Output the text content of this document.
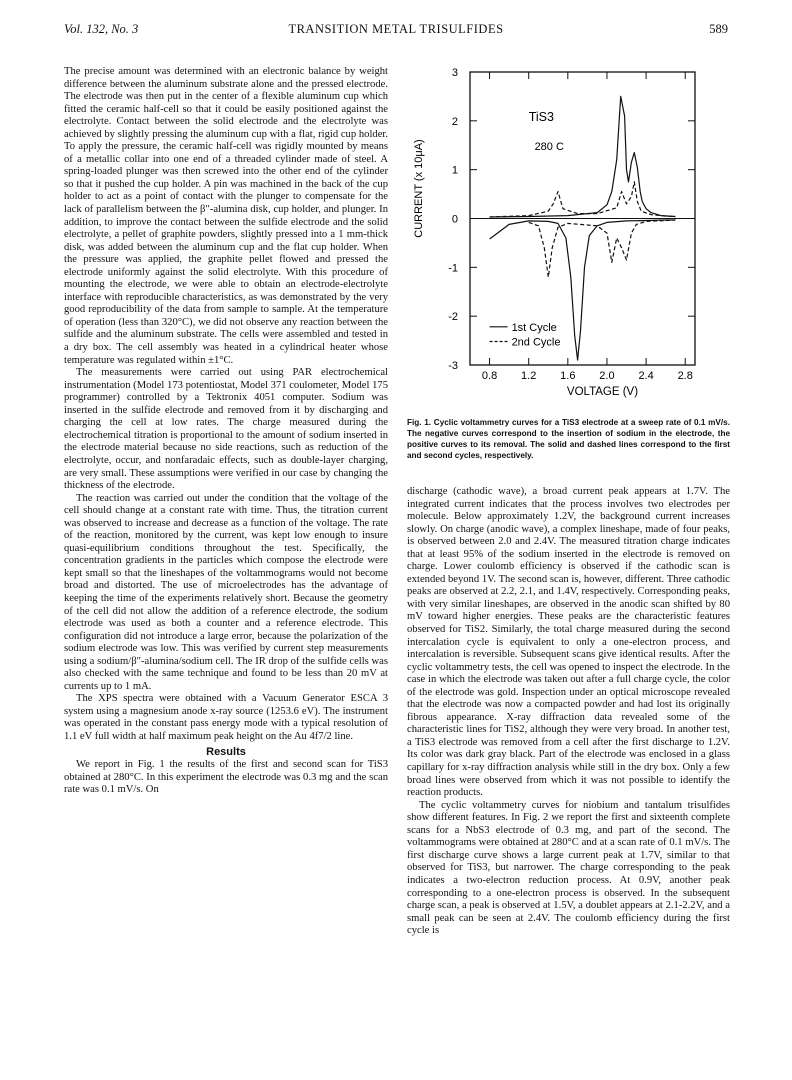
Vol. 132, No. 3	TRANSITION METAL TRISULFIDES	589

The precise amount was determined with an electronic balance by weight difference between the aluminum substrate alone and the pressed electrode. The electrode was then put in the center of a flexible aluminum cup which fitted the ceramic half-cell so that it could be easily positioned against the electrolyte. Contact between the solid electrode and the electrolyte was achieved by slightly pressing the aluminum cup with a flat, rigid cup holder. To apply the pressure, the ceramic half-cell was rigidly mounted by means of a metallic collar into one end of a threaded cylinder made of steel. A spring-loaded plunger was then screwed into the other end of the cylinder so that it pushed the cup holder. A pin was machined in the back of the cup holder to act as a point of contact with the plunger to compensate for the lack of parallelism between the β″-alumina disk, cup holder, and plunger. In addition, to improve the contact between the sulfide electrode and the solid electrolyte, a pellet of graphite powders, slightly pressed into a 1 mm-thick disk, was added between the aluminum cup and the flat cup holder. When the pressure was applied, the graphite pellet flowed and pressed the electrode uniformly against the solid electrolyte. With this procedure of mounting the electrode, we were able to obtain an electrode-electrolyte interface with reproducible characteristics, as was demonstrated by the very good reproducibility of the data from sample to sample. At the temperature of operation (less than 320°C), we did not observe any reaction between the sulfide and the aluminum substrate. The cells were assembled and tested in a dry box. The cell assembly was heated in a cylindrical heater whose temperature was regulated within ±1°C.

The measurements were carried out using PAR electrochemical instrumentation (Model 173 potentiostat, Model 371 coulometer, Model 175 programmer) controlled by a Tektronix 4051 computer. Sodium was inserted in the sulfide electrode and removed from it by discharging and charging the cell at low rates. The charge measured during the electrochemical titration is proportional to the amount of sodium inserted in the electrode material because no side reactions, such as reduction of the electrolyte, occur, and nonfaradaic effects, such as double-layer charging, are very small. These assumptions were verified in our case by changing the thickness of the electrode.

The reaction was carried out under the condition that the voltage of the cell should change at a constant rate with time. Thus, the titration current was observed to increase and decrease as a function of the voltage. The rate of the reaction, monitored by the current, was kept low enough to insure quasi-equilibrium conditions throughout the test. Specifically, the concentration gradients in the particles which compose the electrode were kept small so that the lineshapes of the voltammograms would not become broad and distorted. The use of microelectrodes has the advantage of keeping the time of the experiments relatively short. Because the geometry of the cell did not allow the addition of a reference electrode, the sodium electrode was used as both a counter and a reference electrode. This configuration did not introduce a large error, because the polarization of the sodium electrode was low. This was verified by current step measurements using a sodium/β″-alumina/sodium cell. The IR drop of the sulfide cells was also checked with the same technique and found to be less than 20 mV at currents up to 1 mA.

The XPS spectra were obtained with a Vacuum Generator ESCA 3 system using a magnesium anode x-ray source (1253.6 eV). The instrument was operated in the constant pass energy mode with a typical resolution of 1.1 eV full width at half maximum peak height on the Au 4f7/2 line.

Results

We report in Fig. 1 the results of the first and second scan for TiS3 obtained at 280°C. In this experiment the electrode was 0.3 mg and the scan rate was 0.1 mV/s. On

0.8 1.2 1.6 2.0 2.4 2.8
3
2
1
0
-1
-2
-3
VOLTAGE (V)
CURRENT (x 10μA)
TiS3
280 C
1st Cycle
2nd Cycle
Fig. 1. Cyclic voltammetry curves for a TiS3 electrode at a sweep rate of 0.1 mV/s. The negative curves correspond to the insertion of sodium in the electrode, the positive curves to its removal. The solid and dashed lines correspond to the first and second cycles, respectively.

discharge (cathodic wave), a broad current peak appears at 1.7V. The integrated current indicates that the process involves two electrodes per molecule. Below approximately 1.2V, the background current increases slowly. On charge (anodic wave), a complex lineshape, made of four peaks, is observed between 2.0 and 2.4V. The measured titration charge indicates that at least 95% of the sodium inserted in the electrode is removed on charge. Lower coulomb efficiency is observed if the cathodic scan is extended beyond 1V. The second scan is, however, different. Three cathodic peaks are observed at 2.2, 2.1, and 1.4V, respectively. Corresponding peaks, with very similar lineshapes, are observed in the anodic scan shifted by 80 mV toward higher energies. These peaks are the characteristic features observed for TiS2. Similarly, the total charge measured during the second intercalation cycle is equivalent to only a one-electron process, and intercalation is reversible. Subsequent scans give identical results. After the cyclic voltammetry tests, the cell was opened to inspect the electrode. In the case in which the electrode was taken out after a full charge cycle, the color of the electrode was gold. Inspection under an optical microscope revealed that the electrode was now a compacted powder and had lost its originally fibrous appearance. X-ray diffraction data revealed some of the characteristic lines for TiS2, although they were very broad. In another test, a TiS3 electrode was removed from a cell after the first discharge to 1.2V. Its color was dark gray black. Part of the electrode was enclosed in a glass capillary for x-ray diffraction analysis while still in the dry box. Only a few broad lines were observed from which it was not possible to identify the reaction products.

The cyclic voltammetry curves for niobium and tantalum trisulfides show different features. In Fig. 2 we report the first and sixteenth complete scans for a NbS3 electrode of 0.3 mg, and part of the second. The voltammograms were obtained at 280°C and at a scan rate of 0.1 mV/s. The first discharge curve shows a large current peak at 1.7V, similar to that observed for TiS3, but narrower. The charge corresponding to the peak indicates a two-electron reduction process. At 0.9V, another peak corresponding to a one-electron process is observed. In the subsequent charge scan, a peak is observed at 1.5V, a doublet appears at 2.1-2.2V, and a small peak can be seen at 2.4V. The coulomb efficiency during the first cycle is
